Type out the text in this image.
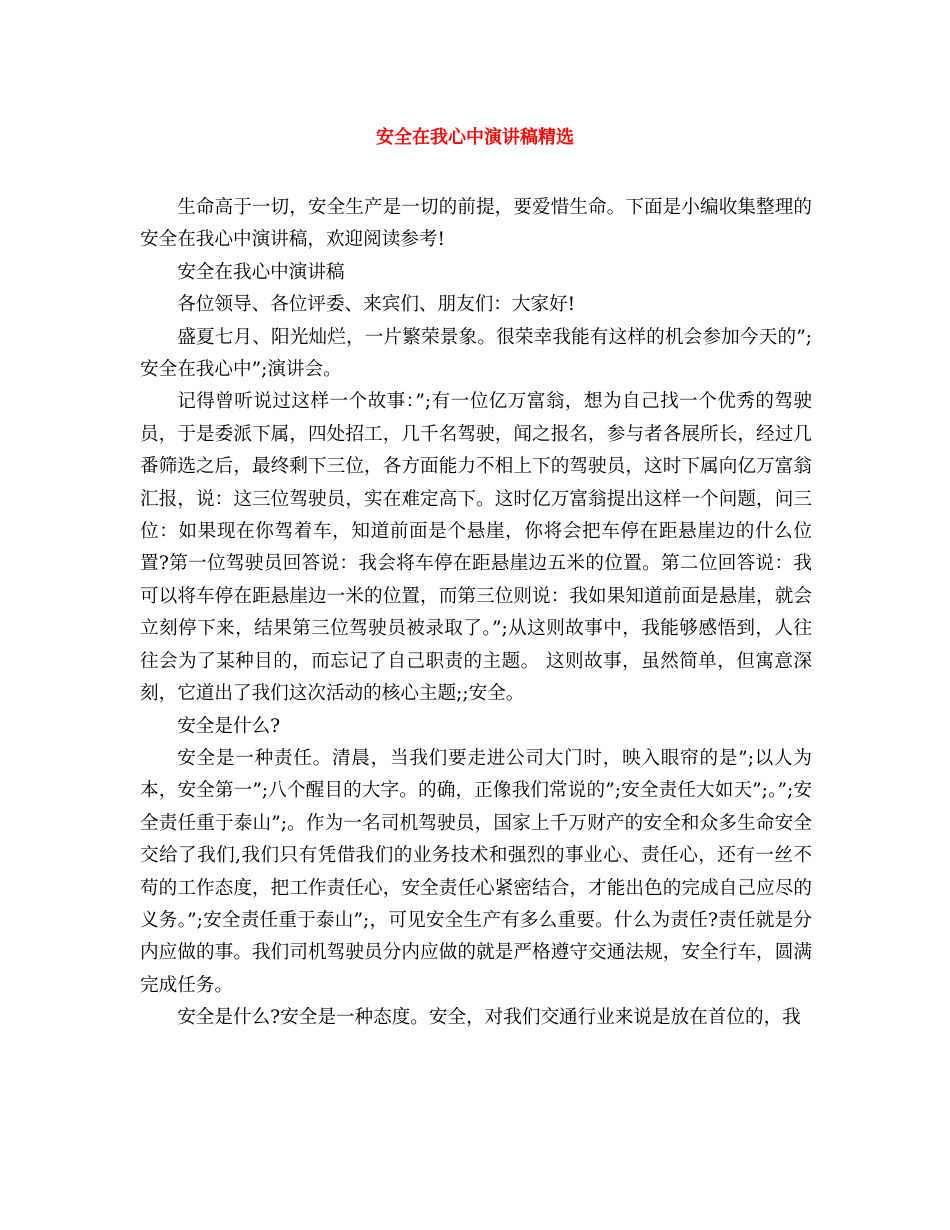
安全在我心中演讲稿精选

生命高于一切，安全生产是一切的前提，要爱惜生命。下面是小编收集整理的安全在我心中演讲稿，欢迎阅读参考!

安全在我心中演讲稿

各位领导、各位评委、来宾们、朋友们：大家好!

盛夏七月、阳光灿烂，一片繁荣景象。很荣幸我能有这样的机会参加今天的”;安全在我心中”;演讲会。

记得曾听说过这样一个故事：”;有一位亿万富翁，想为自己找一个优秀的驾驶员，于是委派下属，四处招工，几千名驾驶，闻之报名，参与者各展所长，经过几番筛选之后，最终剩下三位，各方面能力不相上下的驾驶员，这时下属向亿万富翁汇报，说：这三位驾驶员，实在难定高下。这时亿万富翁提出这样一个问题，问三位：如果现在你驾着车，知道前面是个悬崖，你将会把车停在距悬崖边的什么位置?第一位驾驶员回答说：我会将车停在距悬崖边五米的位置。第二位回答说：我可以将车停在距悬崖边一米的位置，而第三位则说：我如果知道前面是悬崖，就会立刻停下来，结果第三位驾驶员被录取了。”;从这则故事中，我能够感悟到，人往往会为了某种目的，而忘记了自己职责的主题。 这则故事，虽然简单，但寓意深刻，它道出了我们这次活动的核心主题;;安全。

安全是什么?

安全是一种责任。清晨，当我们要走进公司大门时，映入眼帘的是”;以人为本，安全第一”;八个醒目的大字。的确，正像我们常说的”;安全责任大如天”;。”;安全责任重于泰山”;。作为一名司机驾驶员，国家上千万财产的安全和众多生命安全交给了我们,我们只有凭借我们的业务技术和强烈的事业心、责任心，还有一丝不苟的工作态度，把工作责任心，安全责任心紧密结合，才能出色的完成自己应尽的义务。”;安全责任重于泰山”;，可见安全生产有多么重要。什么为责任?责任就是分内应做的事。我们司机驾驶员分内应做的就是严格遵守交通法规，安全行车，圆满完成任务。

安全是什么?安全是一种态度。安全，对我们交通行业来说是放在首位的，我
